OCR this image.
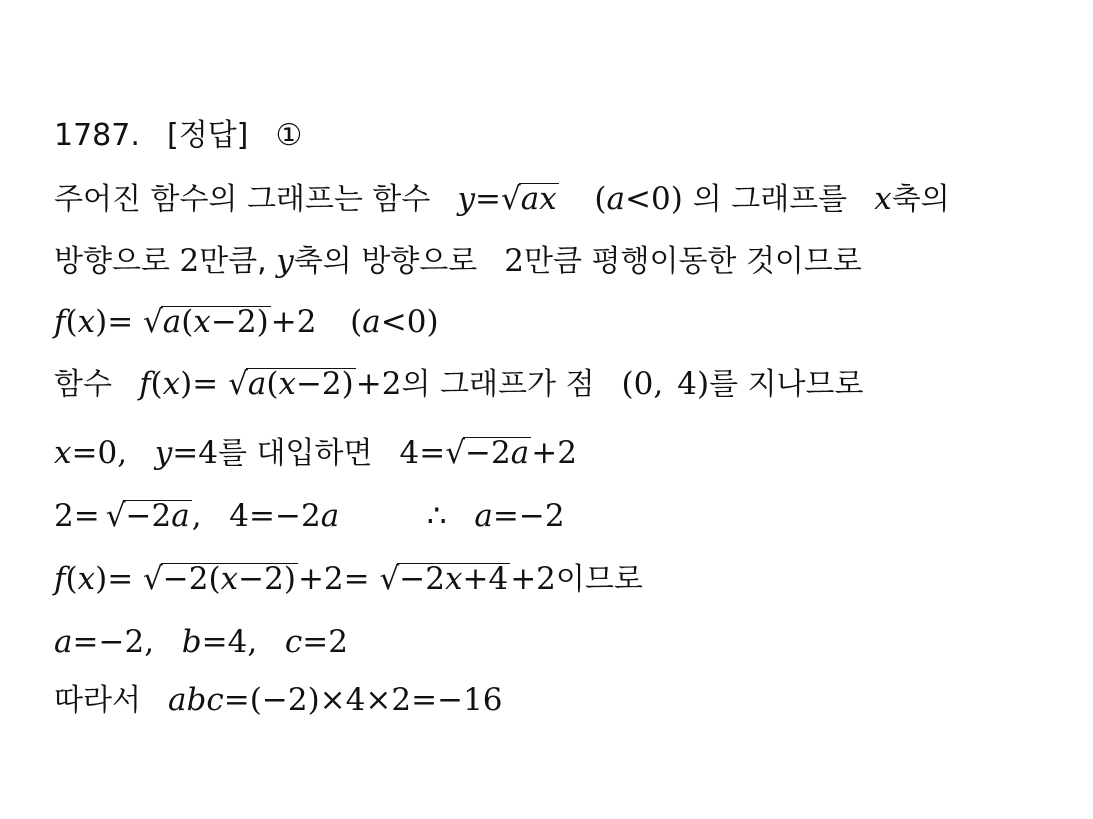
1787. [정답] ①
주어진 함수의 그래프는 함수 y=√ax (a<0) 의 그래프를 x축의
방향으로 2만큼, y축의 방향으로 2만큼 평행이동한 것이므로
f(x)= √a(x−2)+2 (a<0)
함수 f(x)= √a(x−2)+2의 그래프가 점 (0, 4)를 지나므로
x=0, y=4를 대입하면 4=√−2a+2
2= √−2a, 4=−2a	∴ a=−2
f(x)= √−2(x−2)+2= √−2x+4+2이므로
a=−2, b=4, c=2
따라서 abc=(−2)×4×2=−16
